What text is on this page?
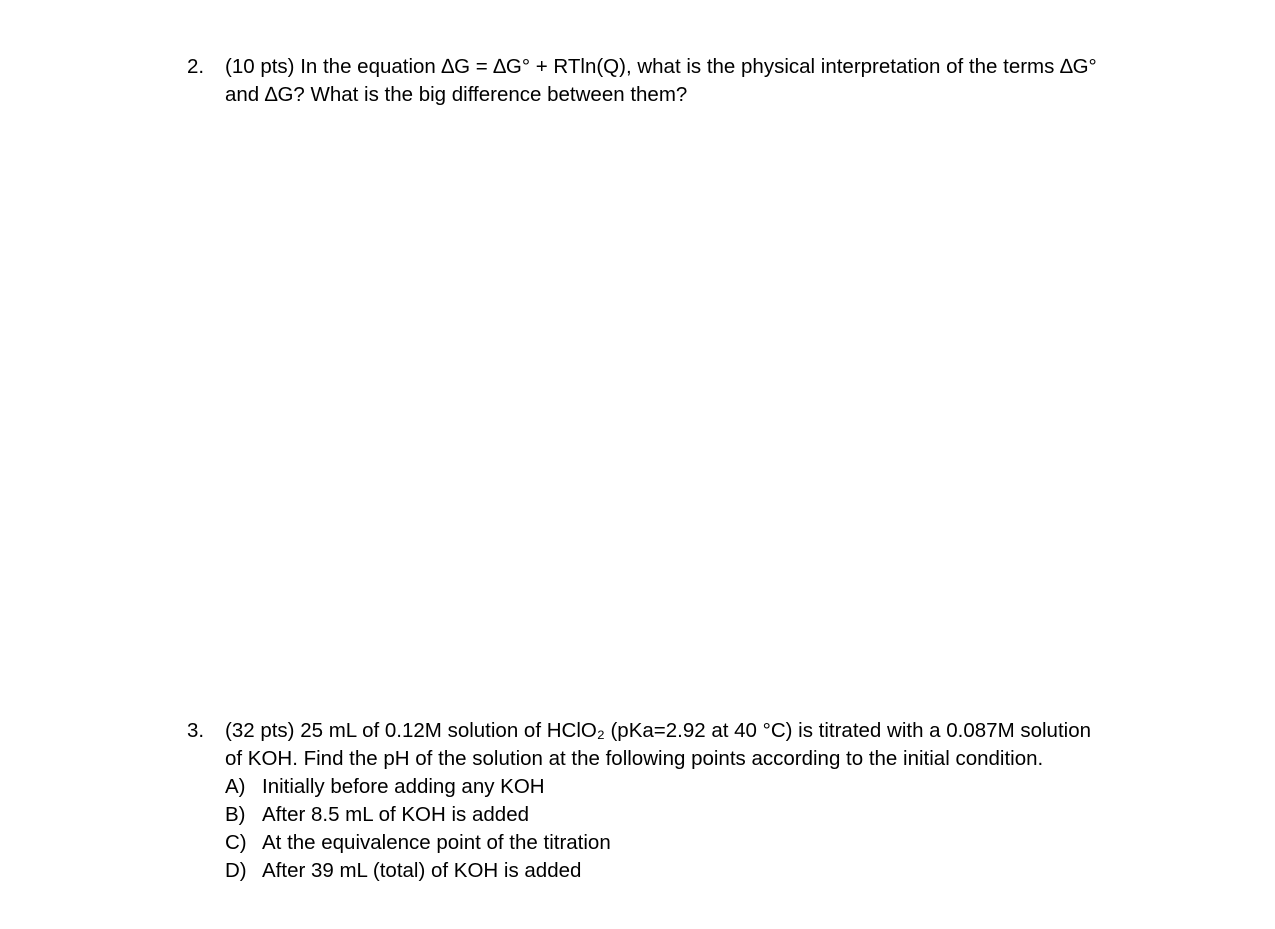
2.	(10 pts) In the equation ∆G = ∆G° + RTln(Q), what is the physical interpretation of the terms ∆G°
and ∆G? What is the big difference between them?
3.	(32 pts) 25 mL of 0.12M solution of HClO₂ (pKa=2.92 at 40 °C) is titrated with a 0.087M solution
of KOH. Find the pH of the solution at the following points according to the initial condition.
A) Initially before adding any KOH
B) After 8.5 mL of KOH is added
C) At the equivalence point of the titration
D) After 39 mL (total) of KOH is added
